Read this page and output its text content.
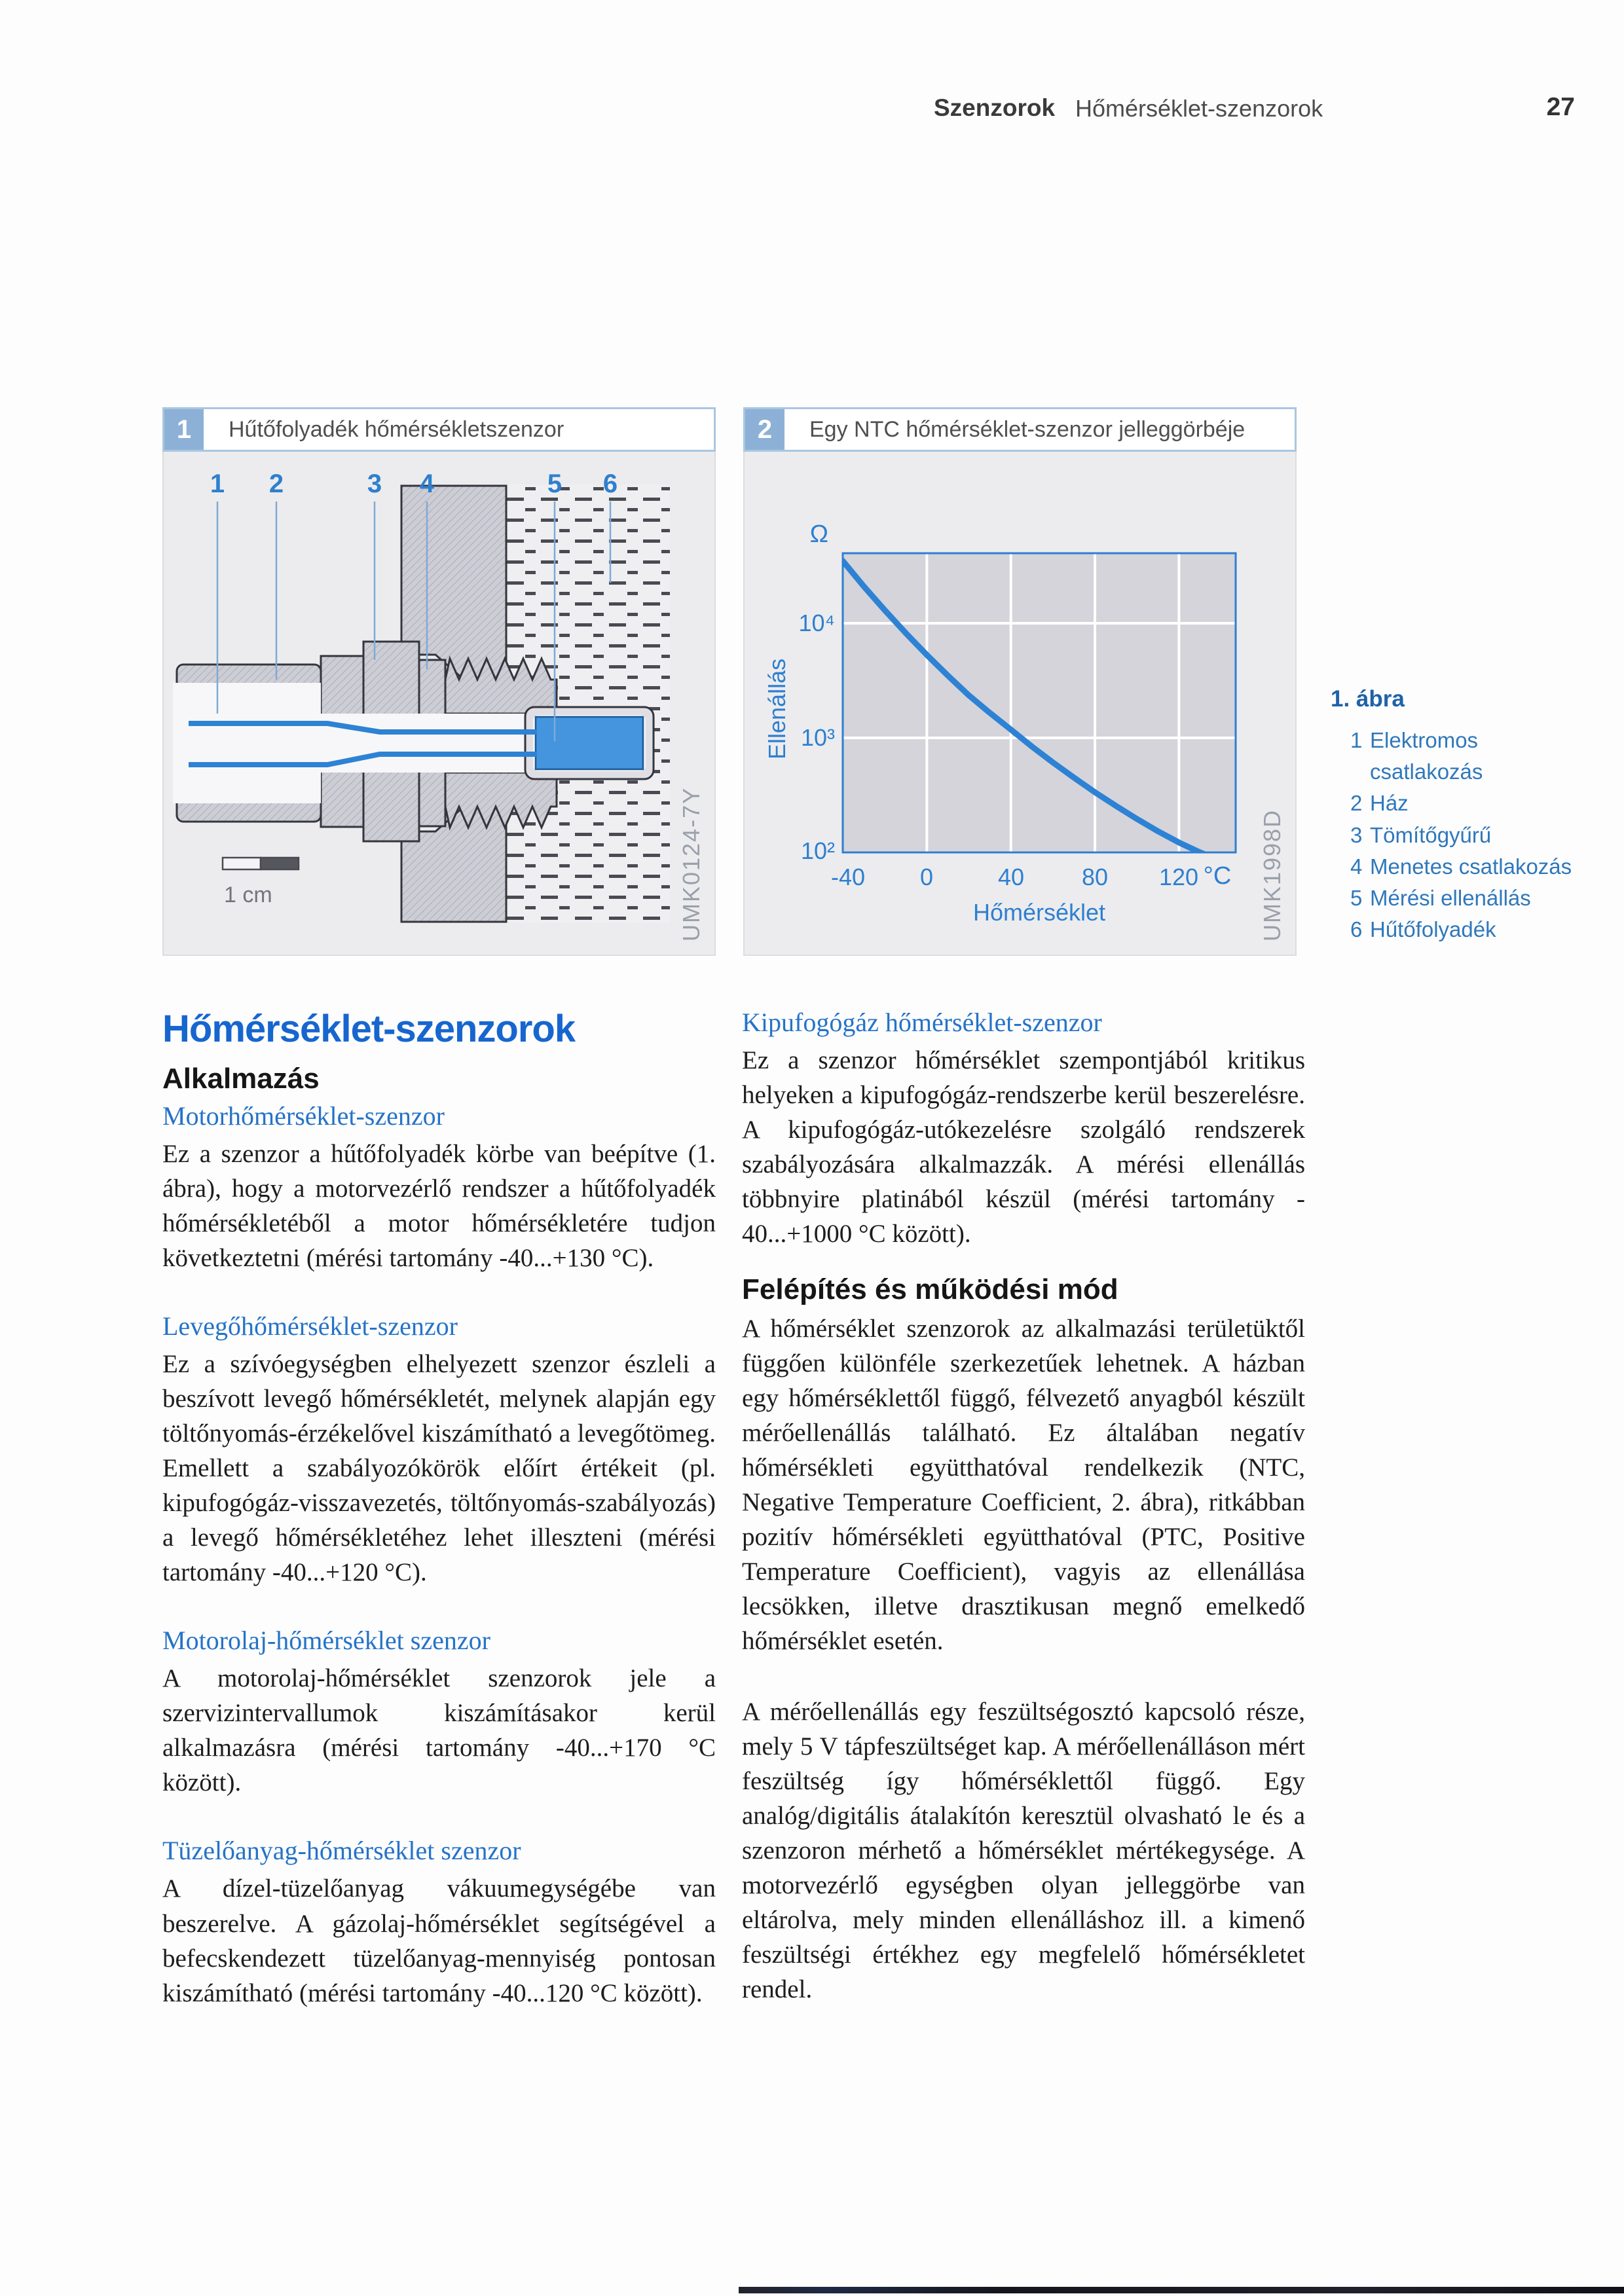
Szenzorok Hőmérséklet-szenzorok	27
1	Hűtőfolyadék hőmérsékletszenzor
1 2	3 4	5 6
1 cm	UMK0124-7Y
2	Egy NTC hőmérséklet-szenzor jelleggörbéje
Ω
10⁴
10³
10²
Ellenállás
-40 0	40 80 120 °C
Hőmérséklet	UMK1998D
1. ábra
1 Elektromos csatlakozás
2 Ház
3 Tömítőgyűrű
4 Menetes csatlakozás
5 Mérési ellenállás
6 Hűtőfolyadék
Hőmérséklet-szenzorok
Alkalmazás
Motorhőmérséklet-szenzor
Ez a szenzor a hűtőfolyadék körbe van beépítve (1. ábra), hogy a motorvezérlő rendszer a hűtőfolyadék hőmérsékletéből a motor hőmérsékletére tudjon következtetni (mérési tartomány -40...+130 °C).
Levegőhőmérséklet-szenzor
Ez a szívóegységben elhelyezett szenzor észleli a beszívott levegő hőmérsékletét, melynek alapján egy töltőnyomás-érzékelővel kiszámítható a levegőtömeg. Emellett a szabályozókörök előírt értékeit (pl. kipufogógáz-visszavezetés, töltőnyomás-szabályozás) a levegő hőmérsékletéhez lehet illeszteni (mérési tartomány -40...+120 °C).
Motorolaj-hőmérséklet szenzor
A motorolaj-hőmérséklet szenzorok jele a szervizintervallumok kiszámításakor kerül alkalmazásra (mérési tartomány -40...+170 °C között).
Tüzelőanyag-hőmérséklet szenzor
A dízel-tüzelőanyag vákuumegységébe van beszerelve. A gázolaj-hőmérséklet segítségével a befecskendezett tüzelőanyag-mennyiség pontosan kiszámítható (mérési tartomány -40...120 °C között).
Kipufogógáz hőmérséklet-szenzor
Ez a szenzor hőmérséklet szempontjából kritikus helyeken a kipufogógáz-rendszerbe kerül beszerelésre. A kipufogógáz-utókezelésre szolgáló rendszerek szabályozására alkalmazzák. A mérési ellenállás többnyire platinából készül (mérési tartomány - 40...+1000 °C között).
Felépítés és működési mód
A hőmérséklet szenzorok az alkalmazási területüktől függően különféle szerkezetűek lehetnek. A házban egy hőmérséklettől függő, félvezető anyagból készült mérőellenállás található. Ez általában negatív hőmérsékleti együtthatóval rendelkezik (NTC, Negative Temperature Coefficient, 2. ábra), ritkábban pozitív hőmérsékleti együtthatóval (PTC, Positive Temperature Coefficient), vagyis az ellenállása lecsökken, illetve drasztikusan megnő emelkedő hőmérséklet esetén.
A mérőellenállás egy feszültségosztó kapcsoló része, mely 5 V tápfeszültséget kap. A mérőellenálláson mért feszültség így hőmérséklettől függő. Egy analóg/digitális átalakítón keresztül olvasható le és a szenzoron mérhető a hőmérséklet mértékegysége. A motorvezérlő egységben olyan jelleggörbe van eltárolva, mely minden ellenálláshoz ill. a kimenő feszültségi értékhez egy megfelelő hőmérsékletet rendel.
